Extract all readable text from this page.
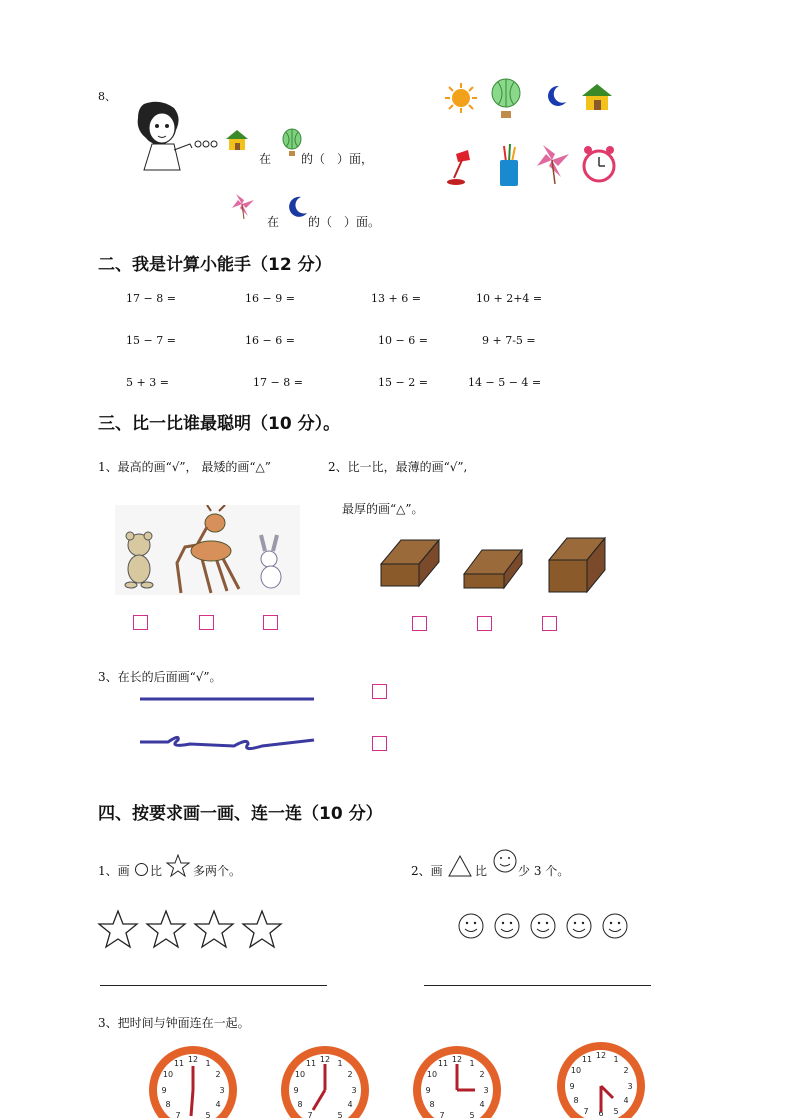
8、
在 的（　）面，
在 的（　）面。
二、我是计算小能手（12 分）
17 − 8 =	16 − 9 =	13 + 6 =	10 + 2+4 =
15 − 7 =	16 − 6 =	10 − 6 =	9 + 7-5 =
5 + 3 =	17 − 8 =	15 − 2 =	14 − 5 − 4 =
三、比一比谁最聪明（10 分）。
1、最高的画“√”， 最矮的画“△”	2、比一比，最薄的画“√”,
最厚的画“△”。
3、在长的后面画“√”。
四、按要求画一画、连一连（10 分）
1、画 比	多两个。	2、画	比	少 3 个。
3、把时间与钟面连在一起。
12 1
2
3
4
8
9
10
11
7	5
12 1
2
3
4
8
9
10
11
7	5
12 1
2
3
4
8
9
10
11
7	5
12 1
2
3
4
8
9
10
11
7	5
6
